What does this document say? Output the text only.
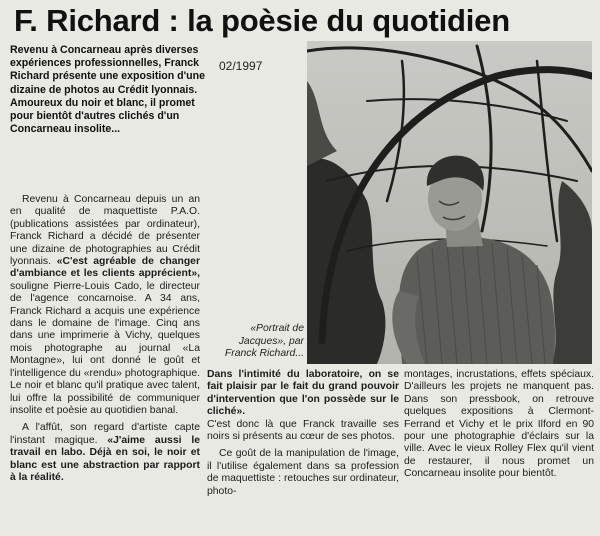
F. Richard : la poèsie du quotidien

Revenu à Concarneau après diverses expériences professionnelles, Franck Richard présente une exposition d'une dizaine de photos au Crédit lyonnais. Amoureux du noir et blanc, il promet pour bientôt d'autres clichés d'un Concarneau insolite...

02/1997

Revenu à Concarneau depuis un an en qualité de maquettiste P.A.O. (publications assistées par ordinateur), Franck Richard a décidé de présenter une dizaine de photographies au Crédit lyonnais. «C'est agréable de changer d'ambiance et les clients apprécient», souligne Pierre-Louis Cado, le directeur de l'agence concarnoise. A 34 ans, Franck Richard a acquis une expérience dans le domaine de l'image. Cinq ans dans une imprimerie à Vichy, quelques mois photographe au journal «La Montagne», lui ont donné le goût et l'intelligence du «rendu» photographique. Le noir et blanc qu'il pratique avec talent, lui offre la possibilité de communiquer insolite et poèsie au quotidien banal.

A l'affût, son regard d'artiste capte l'instant magique. «J'aime aussi le travail en labo. Déjà en soi, le noir et blanc est une abstraction par rapport à la réalité.

«Portrait de Jacques», par Franck Richard...

Dans l'intimité du laboratoire, on se fait plaisir par le fait du grand pouvoir d'intervention que l'on possède sur le cliché».

C'est donc là que Franck travaille ses noirs si présents au cœur de ses photos.

Ce goût de la manipulation de l'image, il l'utilise également dans sa profession de maquettiste : retouches sur ordinateur, photo-

montages, incrustations, effets spéciaux. D'ailleurs les projets ne manquent pas. Dans son pressbook, on retrouve quelques expositions à Clermont-Ferrand et Vichy et le prix Ilford en 90 pour une photographie d'éclairs sur la ville. Avec le vieux Rolley Flex qu'il vient de restaurer, il nous promet un Concarneau insolite pour bientôt.
